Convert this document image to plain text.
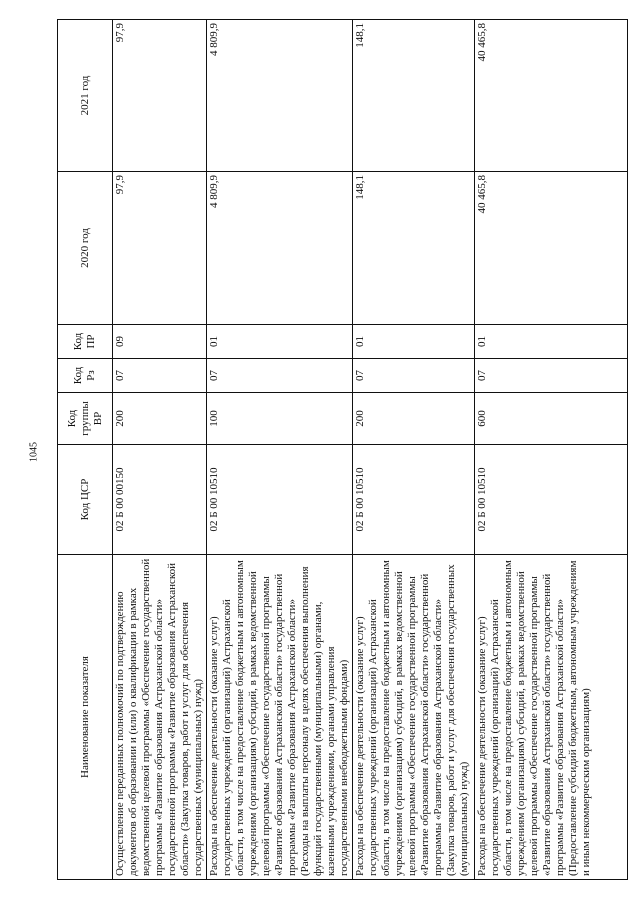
1045
Наименование показателя	Код ЦСР	Код группы ВР	Код Рз	Код ПР	2020 год	2021 год
Осуществление переданных полномочий по подтверждению документов об образовании и (или) о квалификации в рамках ведомственной целевой программы «Обеспечение государственной программы «Развитие образования Астраханской области» государственной программы «Развитие образования Астраханской области» (Закупка товаров, работ и услуг для обеспечения государственных (муниципальных) нужд)	02 Б 00 00150	200	07	09	97,9	97,9
Расходы на обеспечение деятельности (оказание услуг) государственных учреждений (организаций) Астраханской области, в том числе на предоставление бюджетным и автономным учреждениям (организациям) субсидий, в рамках ведомственной целевой программы «Обеспечение государственной программы «Развитие образования Астраханской области» государственной программы «Развитие образования Астраханской области» (Расходы на выплаты персоналу в целях обеспечения выполнения функций государственными (муниципальными) органами, казенными учреждениями, органами управления государственными внебюджетными фондами)	02 Б 00 10510	100	07	01	4 809,9	4 809,9
Расходы на обеспечение деятельности (оказание услуг) государственных учреждений (организаций) Астраханской области, в том числе на предоставление бюджетным и автономным учреждениям (организациям) субсидий, в рамках ведомственной целевой программы «Обеспечение государственной программы «Развитие образования Астраханской области» государственной программы «Развитие образования Астраханской области» (Закупка товаров, работ и услуг для обеспечения государственных (муниципальных) нужд)	02 Б 00 10510	200	07	01	148,1	148,1
Расходы на обеспечение деятельности (оказание услуг) государственных учреждений (организаций) Астраханской области, в том числе на предоставление бюджетным и автономным учреждениям (организациям) субсидий, в рамках ведомственной целевой программы «Обеспечение государственной программы «Развитие образования Астраханской области» государственной программы «Развитие образования Астраханской области» (Предоставление субсидий бюджетным, автономным учреждениям и иным некоммерческим организациям)	02 Б 00 10510	600	07	01	40 465,8	40 465,8
